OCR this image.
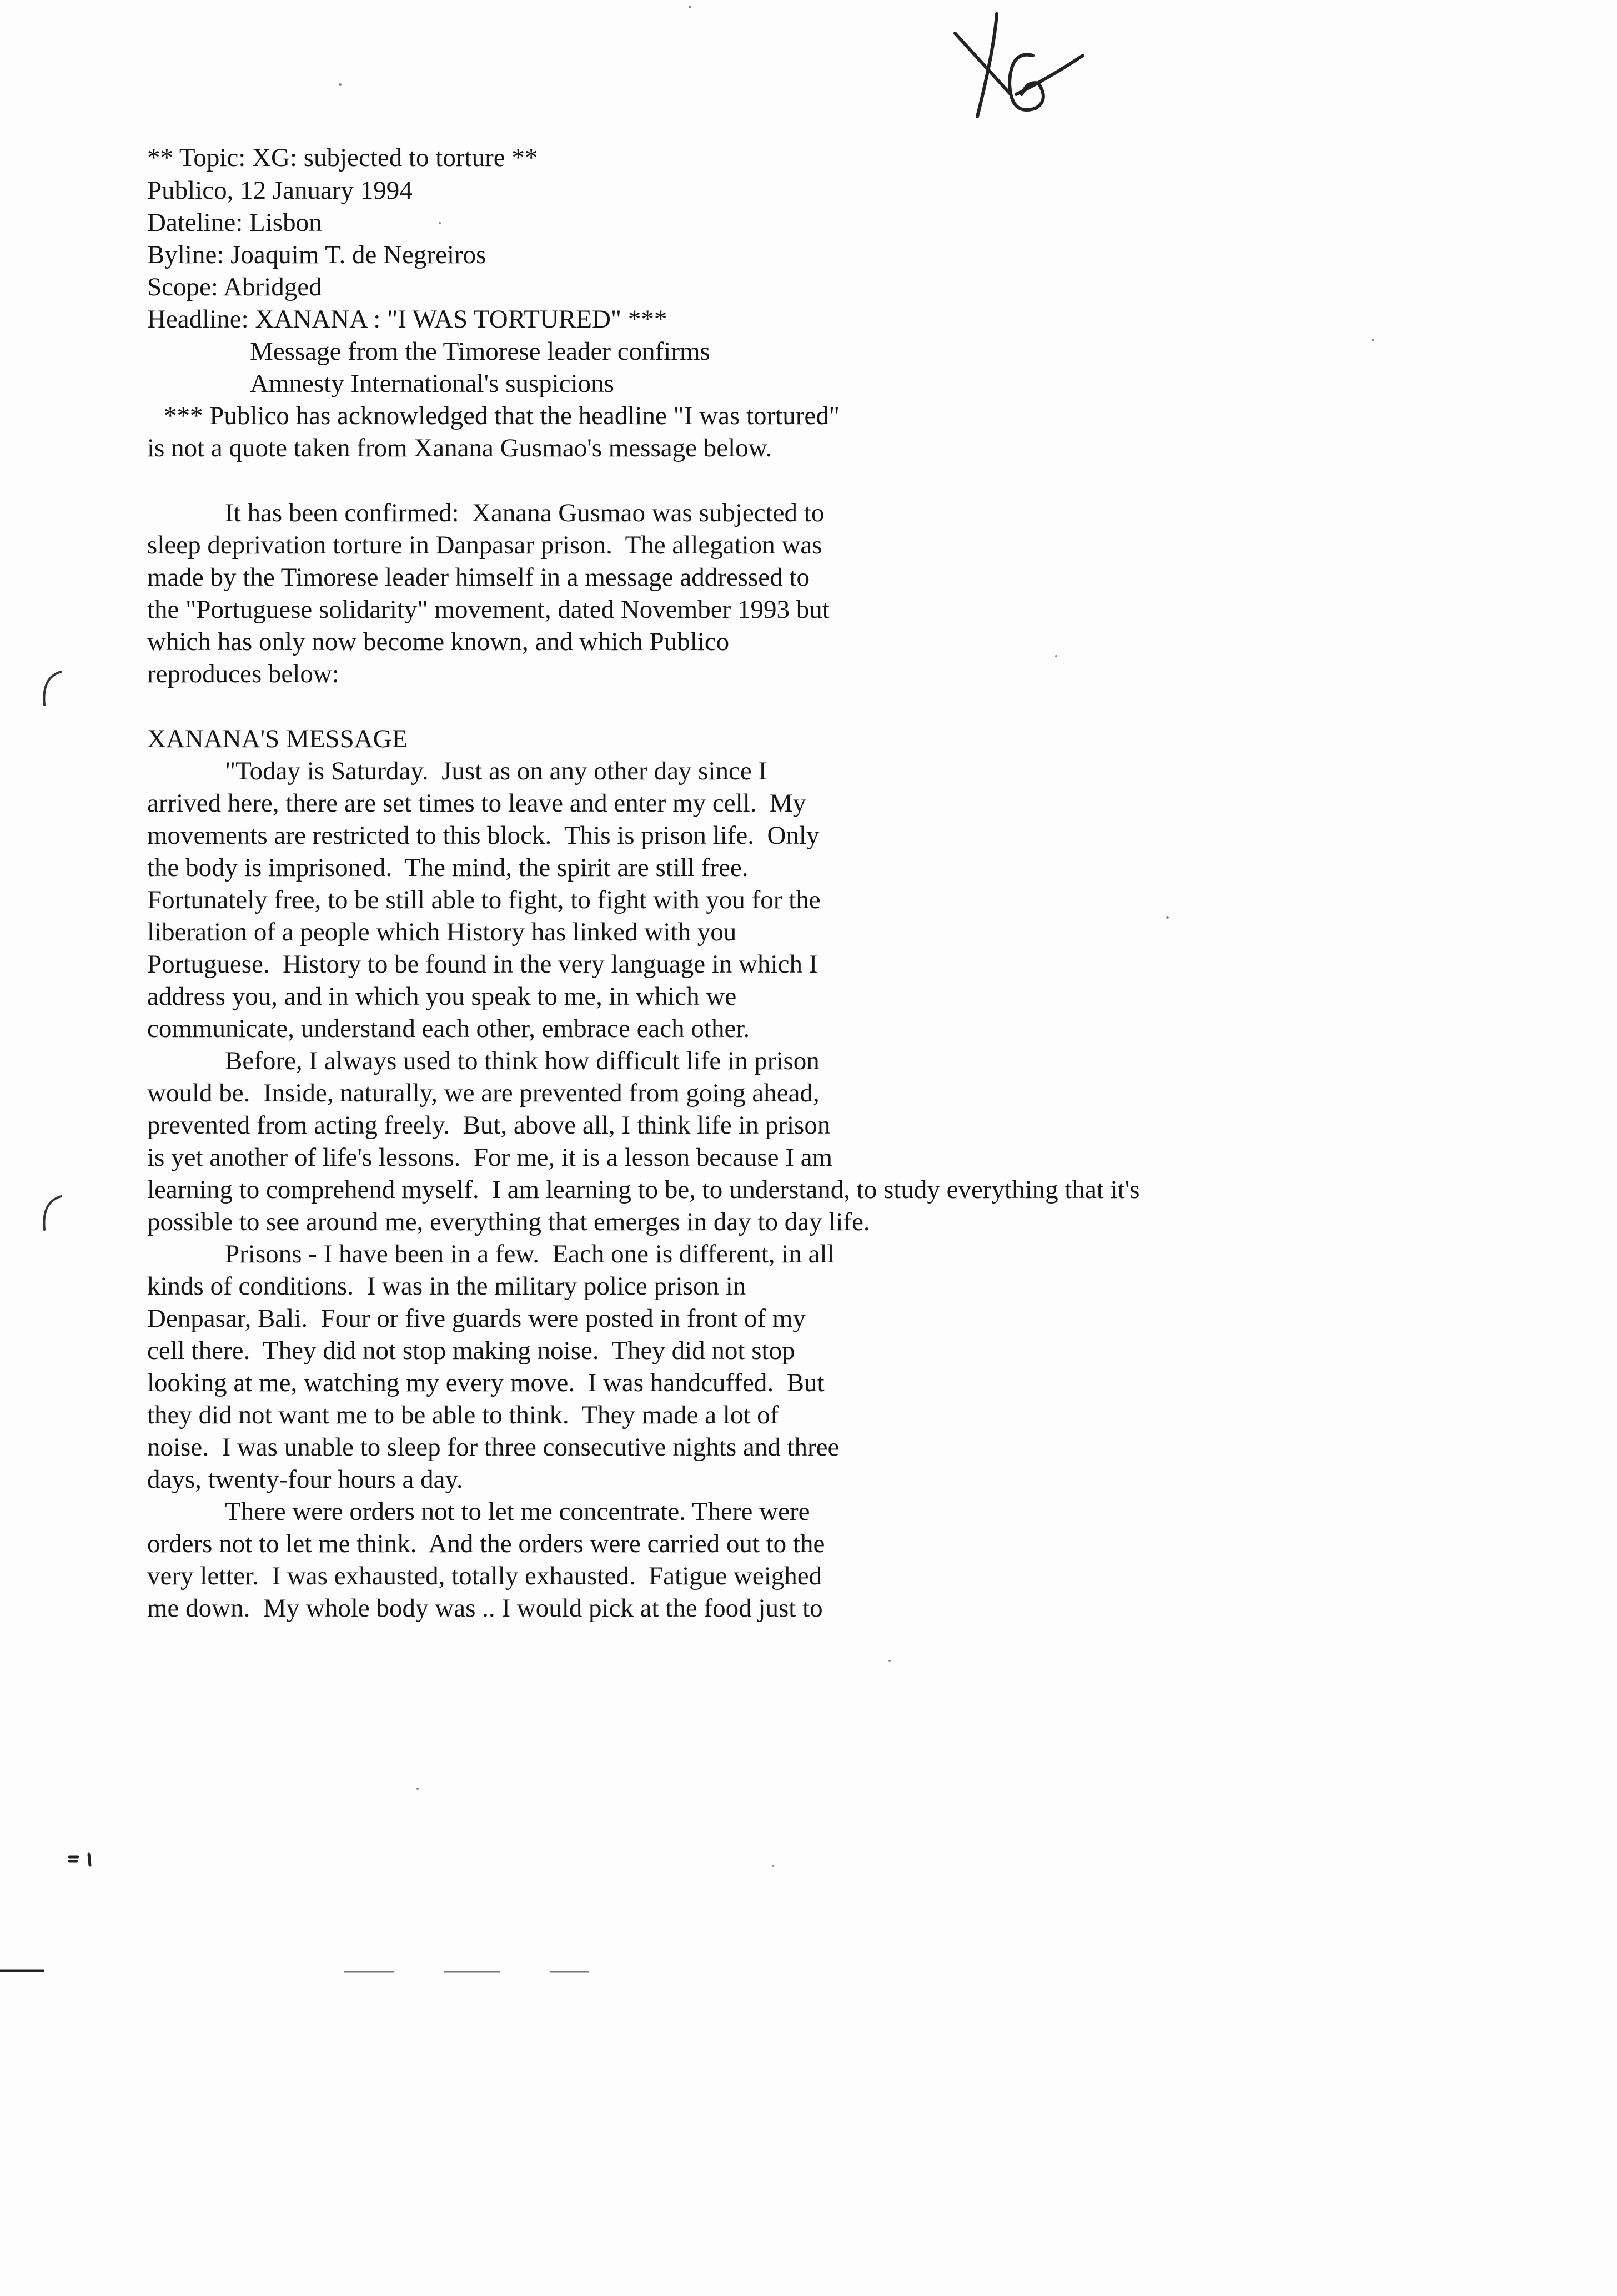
** Topic: XG: subjected to torture **
Publico, 12 January 1994
Dateline: Lisbon
Byline: Joaquim T. de Negreiros
Scope: Abridged
Headline: XANANA : "I WAS TORTURED" ***
Message from the Timorese leader confirms
Amnesty International's suspicions
*** Publico has acknowledged that the headline "I was tortured"
is not a quote taken from Xanana Gusmao's message below.
It has been confirmed:  Xanana Gusmao was subjected to
sleep deprivation torture in Danpasar prison.  The allegation was
made by the Timorese leader himself in a message addressed to
the "Portuguese solidarity" movement, dated November 1993 but
which has only now become known, and which Publico
reproduces below:
XANANA'S MESSAGE
"Today is Saturday.  Just as on any other day since I
arrived here, there are set times to leave and enter my cell.  My
movements are restricted to this block.  This is prison life.  Only
the body is imprisoned.  The mind, the spirit are still free.
Fortunately free, to be still able to fight, to fight with you for the
liberation of a people which History has linked with you
Portuguese.  History to be found in the very language in which I
address you, and in which you speak to me, in which we
communicate, understand each other, embrace each other.
Before, I always used to think how difficult life in prison
would be.  Inside, naturally, we are prevented from going ahead,
prevented from acting freely.  But, above all, I think life in prison
is yet another of life's lessons.  For me, it is a lesson because I am
learning to comprehend myself.  I am learning to be, to understand, to study everything that it's
possible to see around me, everything that emerges in day to day life.
Prisons - I have been in a few.  Each one is different, in all
kinds of conditions.  I was in the military police prison in
Denpasar, Bali.  Four or five guards were posted in front of my
cell there.  They did not stop making noise.  They did not stop
looking at me, watching my every move.  I was handcuffed.  But
they did not want me to be able to think.  They made a lot of
noise.  I was unable to sleep for three consecutive nights and three
days, twenty-four hours a day.
There were orders not to let me concentrate. There were
orders not to let me think.  And the orders were carried out to the
very letter.  I was exhausted, totally exhausted.  Fatigue weighed
me down.  My whole body was .. I would pick at the food just to
